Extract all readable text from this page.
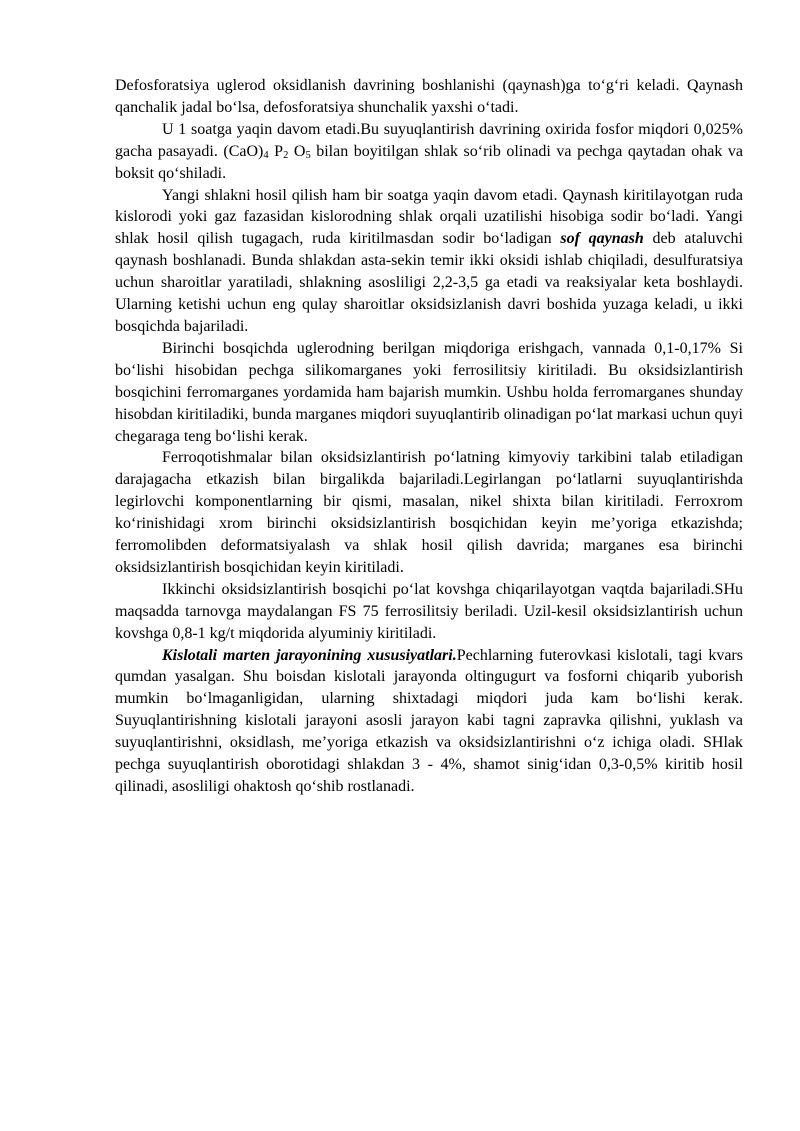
Defosforatsiya uglerod oksidlanish davrining boshlanishi (qaynash)ga to‘g‘ri keladi. Qaynash qanchalik jadal bo‘lsa, defosforatsiya shunchalik yaxshi o‘tadi.

U 1 soatga yaqin davom etadi.Bu suyuqlantirish davrining oxirida fosfor miqdori 0,025% gacha pasayadi. $(CaO)_4$ $P_2$ $O_5$ bilan boyitilgan shlak so‘rib olinadi va pechga qaytadan ohak va boksit qo‘shiladi.

Yangi shlakni hosil qilish ham bir soatga yaqin davom etadi. Qaynash kiritilayotgan ruda kislorodi yoki gaz fazasidan kislorodning shlak orqali uzatilishi hisobiga sodir bo‘ladi. Yangi shlak hosil qilish tugagach, ruda kiritilmasdan sodir bo‘ladigan sof qaynash deb ataluvchi qaynash boshlanadi. Bunda shlakdan asta-sekin temir ikki oksidi ishlab chiqiladi, desulfuratsiya uchun sharoitlar yaratiladi, shlakning asosliligi 2,2-3,5 ga etadi va reaksiyalar keta boshlaydi. Ularning ketishi uchun eng qulay sharoitlar oksidsizlanish davri boshida yuzaga keladi, u ikki bosqichda bajariladi.

Birinchi bosqichda uglerodning berilgan miqdoriga erishgach, vannada 0,1-0,17% Si bo‘lishi hisobidan pechga silikomarganes yoki ferrosilitsiy kiritiladi. Bu oksidsizlantirish bosqichini ferromarganes yordamida ham bajarish mumkin. Ushbu holda ferromarganes shunday hisobdan kiritiladiki, bunda marganes miqdori suyuqlantirib olinadigan po‘lat markasi uchun quyi chegaraga teng bo‘lishi kerak.

Ferroqotishmalar bilan oksidsizlantirish po‘latning kimyoviy tarkibini talab etiladigan darajagacha etkazish bilan birgalikda bajariladi.Legirlangan po‘latlarni suyuqlantirishda legirlovchi komponentlarning bir qismi, masalan, nikel shixta bilan kiritiladi. Ferroxrom ko‘rinishidagi xrom birinchi oksidsizlantirish bosqichidan keyin me’yoriga etkazishda; ferromolibden deformatsiyalash va shlak hosil qilish davrida; marganes esa birinchi oksidsizlantirish bosqichidan keyin kiritiladi.

Ikkinchi oksidsizlantirish bosqichi po‘lat kovshga chiqarilayotgan vaqtda bajariladi.SHu maqsadda tarnovga maydalangan FS 75 ferrosilitsiy beriladi. Uzil-kesil oksidsizlantirish uchun kovshga 0,8-1 kg/t miqdorida alyuminiy kiritiladi.

Kislotali marten jarayonining xususiyatlari.Pechlarning futerovkasi kislotali, tagi kvars qumdan yasalgan. Shu boisdan kislotali jarayonda oltingugurt va fosforni chiqarib yuborish mumkin bo‘lmaganligidan, ularning shixtadagi miqdori juda kam bo‘lishi kerak. Suyuqlantirishning kislotali jarayoni asosli jarayon kabi tagni zapravka qilishni, yuklash va suyuqlantirishni, oksidlash, me’yoriga etkazish va oksidsizlantirishni o‘z ichiga oladi. SHlak pechga suyuqlantirish oborotidagi shlakdan 3 - 4%, shamot sinig‘idan 0,3-0,5% kiritib hosil qilinadi, asosliligi ohaktosh qo‘shib rostlanadi.
